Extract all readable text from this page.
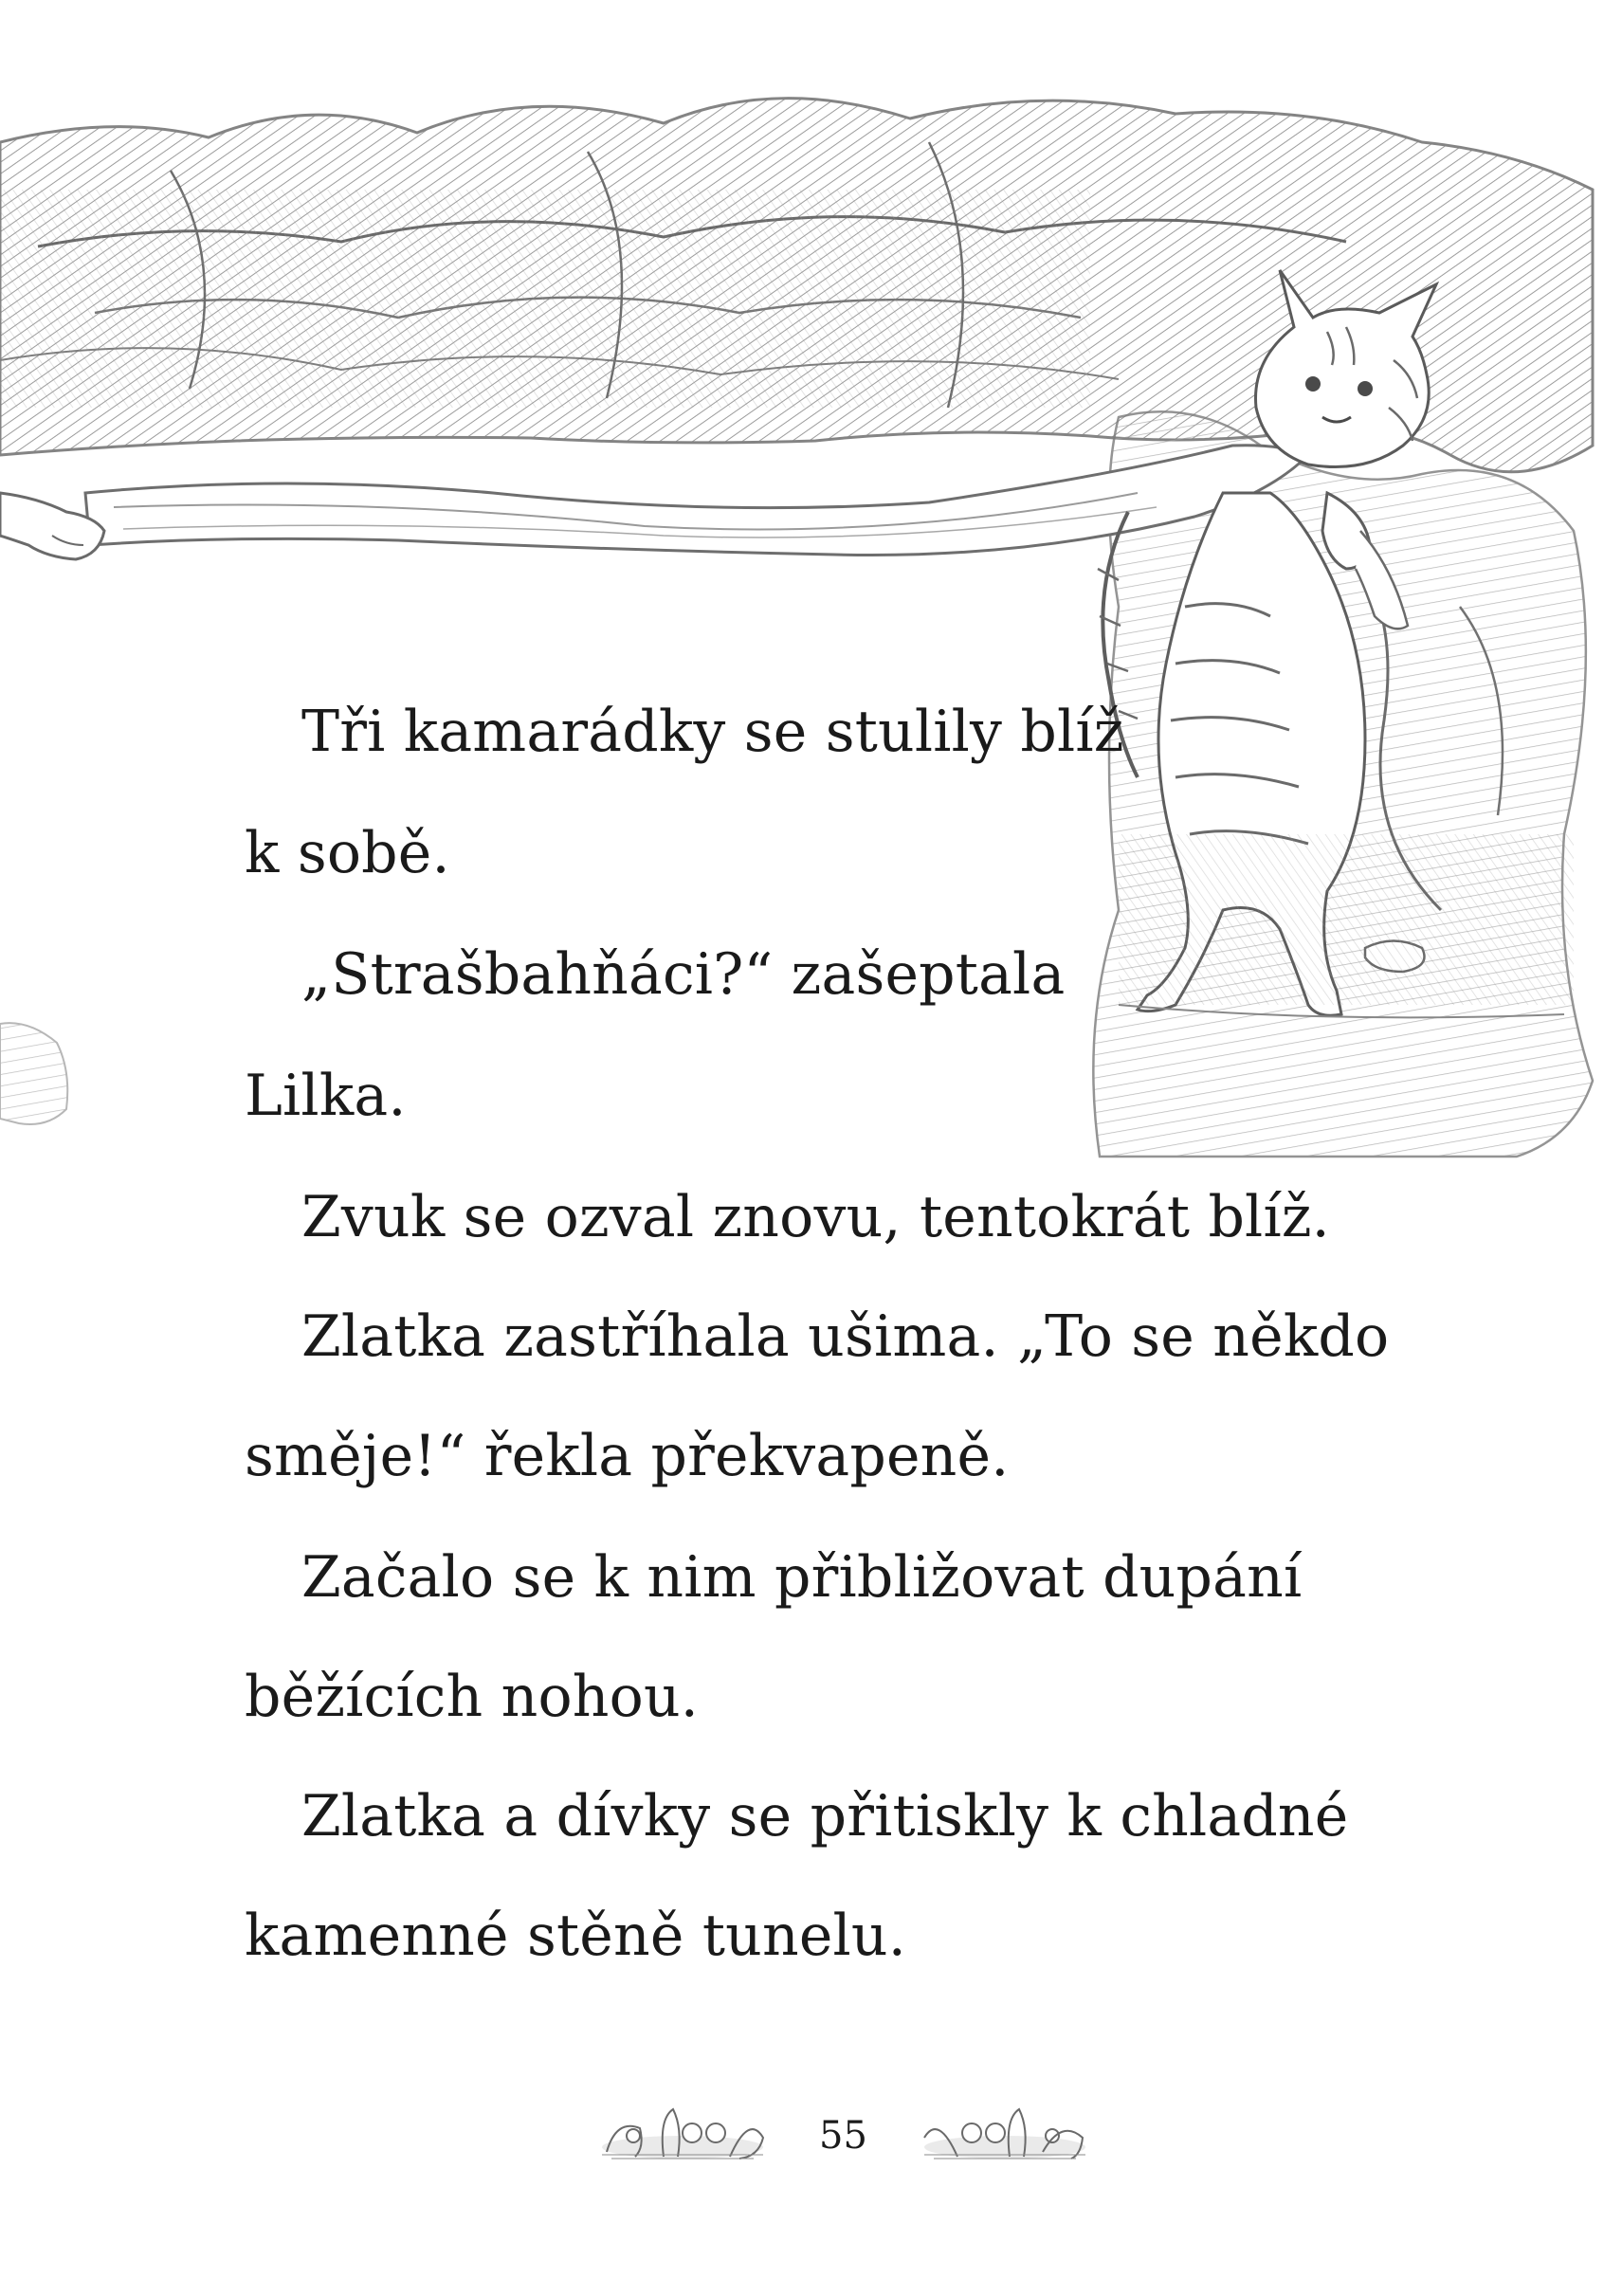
Tři kamarádky se stulily blíž
k sobě.
„Strašbahňáci?“ zašeptala
Lilka.
Zvuk se ozval znovu, tentokrát blíž.
Zlatka zastříhala ušima. „To se někdo
směje!“ řekla překvapeně.
Začalo se k nim přibližovat dupání
běžících nohou.
Zlatka a dívky se přitiskly k chladné
kamenné stěně tunelu.
55
